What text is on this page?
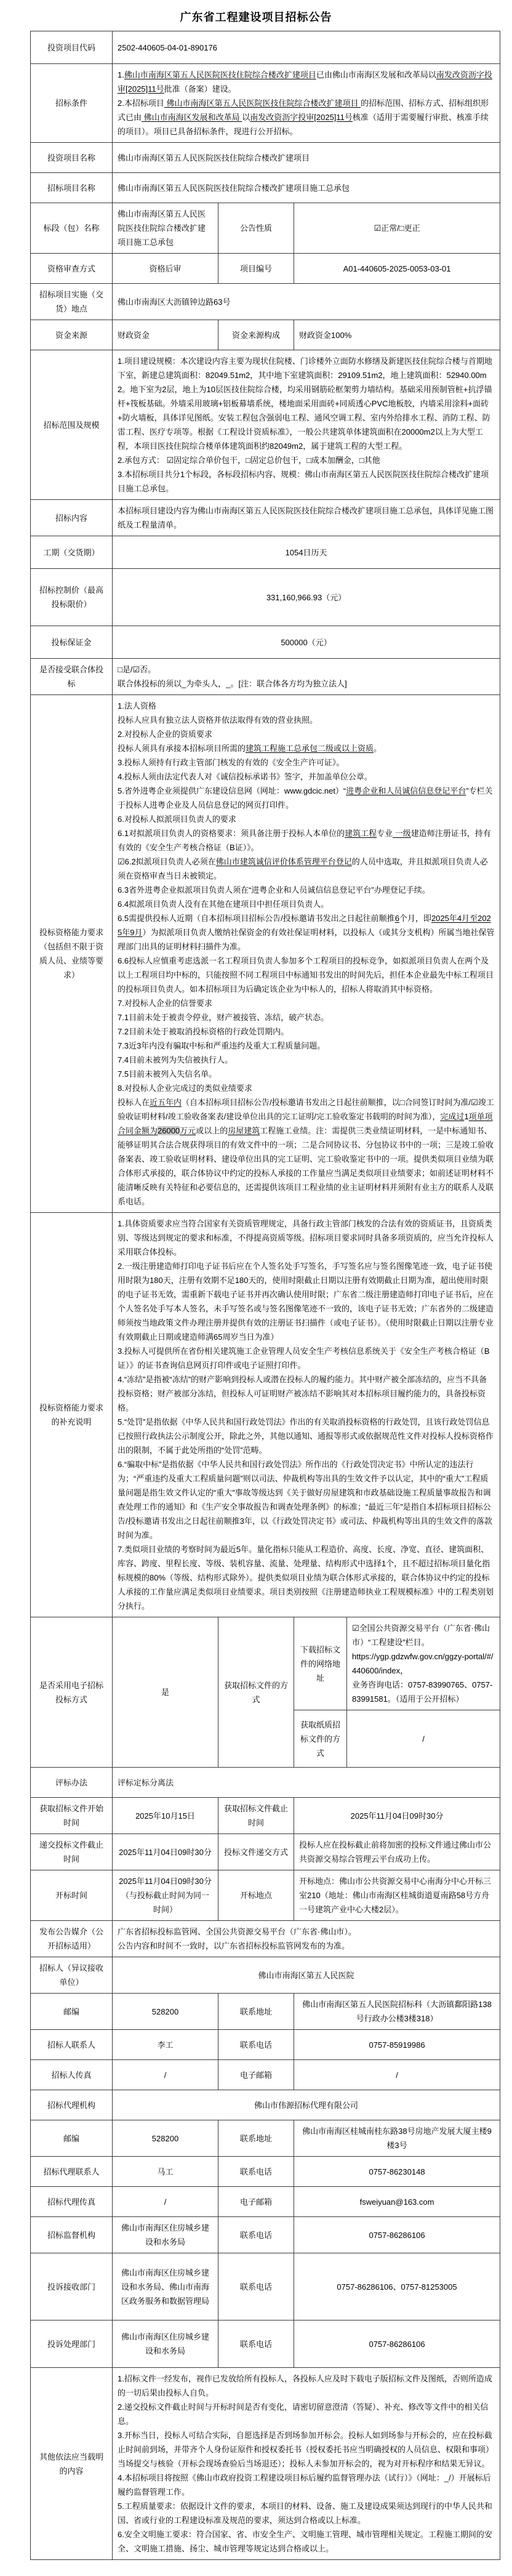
广东省工程建设项目招标公告
投资项目代码	2502-440605-04-01-890176			
招标条件	1.佛山市南海区第五人民医院医技住院综合楼改扩建项目已由佛山市南海区发展和改革局以南发改资沥字投审[2025]11号批准（备案）建设。
2.本招标项目 佛山市南海区第五人民医院医技住院综合楼改扩建项目 的招标范围、招标方式、招标组织形式已由 佛山市南海区发展和改革局 以南发改资沥字投审[2025]11号核准（适用于需要履行审批、核准手续的项目）。项目已具备招标条件，现进行公开招标。			
投资项目名称	佛山市南海区第五人民医院医技住院综合楼改扩建项目			
招标项目名称	佛山市南海区第五人民医院医技住院综合楼改扩建项目施工总承包			
标段（包）名称	佛山市南海区第五人民医院医技住院综合楼改扩建项目施工总承包	公告性质	☑正常/□更正	
资格审查方式	资格后审	项目编号	A01-440605-2025-0053-03-01	
招标项目实施（交货）地点	佛山市南海区大沥镇钟边路63号			
资金来源	财政资金	资金来源构成	财政资金100%	
招标范围及规模	1.项目建设规模：本次建设内容主要为现状住院楼、门诊楼外立面防水修缮及新建医技住院综合楼与首期地下室，新建总建筑面积：82049.51m2，其中地下室建筑面积：29109.51m2，地上建筑面积：52940.00m2。地下室为2层，地上为10层医技住院综合楼，均采用钢筋砼框架剪力墙结构。基础采用预制管桩+抗浮锚杆+筏板基础。外墙采用玻璃+铝板幕墙系统，楼地面采用面砖+同质透心PVC地板胶，内墙采用涂料+面砖+防火墙板，具体详见图纸。安装工程包含强弱电工程、通风空调工程、室内外给排水工程、消防工程、防雷工程、医疗专项等。根据《工程设计资质标准》，一般公共建筑单体建筑面积在20000m2以上为大型工程，本项目医技住院综合楼单体建筑面积约82049m2，属于建筑工程的大型工程。
2.承包方式： ☑固定综合单价包干，□固定总价包干，□成本加酬金，□其他
3.本招标项目共分1个标段，各标段招标内容、规模：佛山市南海区第五人民医院医技住院综合楼改扩建项目施工总承包。			
招标内容	本招标项目建设内容为佛山市南海区第五人民医院医技住院综合楼改扩建项目施工总承包，具体详见施工图纸及工程量清单。			
工期（交货期）	1054日历天			
招标控制价（最高投标限价）	331,160,966.93（元）			
投标保证金	500000（元）			
是否接受联合体投标	□是/☑否。
联合体投标的须以_为牵头人，_。[注：联合体各方均为独立法人]			
投标资格能力要求（包括但不限于资质人员、业绩等要求）	1.法人资格
投标人应具有独立法人资格并依法取得有效的营业执照。
2.对投标人企业的资质要求
投标人须具有承接本招标项目所需的建筑工程施工总承包二级或以上资质。
3.投标人须持有行政主管部门核发的有效的《安全生产许可证》。
4.投标人须由法定代表人对《诚信投标承诺书》签字，并加盖单位公章。
5.省外进粤企业须提供广东建设信息网（网址：www.gdcic.net）“进粤企业和人员诚信信息登记平台”专栏关于投标人进粤企业及人员信息登记的网页打印件。
6.对投标人拟派项目负责人的要求
6.1对拟派项目负责人的资格要求：须具备注册于投标人本单位的建筑工程专业 一级建造师注册证书，持有有效的《安全生产考核合格证（B证）》。
☑6.2拟派项目负责人必须在佛山市建筑诚信评价体系管理平台登记的人员中选取，并且拟派项目负责人必须在资格审查当日未被锁定。
6.3省外进粤企业拟派项目负责人须在“进粤企业和人员诚信信息登记平台”办理登记手续。
6.4拟派项目负责人没有在其他在建项目中担任项目负责人。
6.5需提供投标人近期（自本招标项目招标公告/投标邀请书发出之日起往前顺推6个月，即2025年4月至2025年9月）为拟派项目负责人缴纳社保资金的有效社保证明材料，以投标人（或其分支机构）所属当地社保管理部门出具的证明材料扫描件为准。
6.6投标人应慎重考虑选派一名工程项目负责人参加多个工程项目的投标竞争，如拟派项目负责人在两个及以上工程项目均中标的，只能按照不同工程项目中标通知书发出的时间先后，担任本企业最先中标工程项目的投标项目负责人。如本招标项目为后确定该企业为中标人的，招标人将取消其中标资格。
7.对投标人企业的信誉要求
7.1目前未处于被责令停业，财产被接管、冻结，破产状态。
7.2目前未处于被取消投标资格的行政处罚期内。
7.3近3年内没有骗取中标和严重违约及重大工程质量问题。
7.4目前未被列为失信被执行人。
7.5目前未被列入失信名单。
8.对投标人企业完成过的类似业绩要求
投标人在近五年内（自本招标项目招标公告/投标邀请书发出之日起往前顺推，以□合同签订时间为准/☑竣工验收证明材料/竣工验收备案表/建设单位出具的完工证明/完工验收鉴定书载明的时间为准），完成过1项单项合同金额为26000万元或以上的房屋建筑工程施工业绩。注：需提供三类业绩证明材料，一是中标通知书、能够证明其合法合规获得项目的有效文件中的一项；二是合同协议书、分包协议书中的一项；三是竣工验收备案表、竣工验收证明材料、建设单位出具的完工证明、完工验收鉴定书中的一项。提供类似项目业绩为联合体形式承接的，联合体协议中约定的投标人承接的工作量应当满足类似项目业绩要求；如前述证明材料不能清晰反映有关特征和必要信息的，还需提供该项目工程业绩的业主证明材料并须附有业主方的联系人及联系电话。
投标资格能力要求的补充说明	1.具体资质要求应当符合国家有关资质管理规定，具备行政主管部门核发的合法有效的资质证书，且资质类别、等级达到规定的要求和标准，不得提高资质等级。招标项目要求同时具备多项资质的，应当允许投标人采用联合体投标。
2.一级注册建造师打印电子证书后应在个人签名处手写签名，手写签名应与签名图像笔迹一致，电子证书使用时限为180天，注册有效期不足180天的，使用时限截止日期以注册有效期截止日期为准，超出使用时限的电子证书无效，需重新下载电子证书并再次确认使用时限；广东省二级注册建造师打印电子证书后，应在个人签名处手写本人签名，未手写签名或与签名图像笔迹不一致的，该电子证书无效；广东省外的二级建造师须按当地政策文件办理注册并提供有效的注册证书扫描件（或电子证书）。（使用时限截止日期以注册专业有效期截止日期或建造师满65周岁当日为准）
3.投标人可提供所在省份相关建筑施工企业管理人员安全生产考核信息系统关于《安全生产考核合格证（B证）》的证书查询信息网页打印件或电子证照打印件。
4.“冻结”是指被“冻结”的财产影响到投标人或潜在投标人的履约能力。其中财产被全部冻结的，应当不具备投标资格；财产被部分冻结，但投标人可证明财产被冻结不影响其对本招标项目履约能力的，具备投标资格。
5.“处罚”是指依据《中华人民共和国行政处罚法》作出的有关取消投标资格的行政处罚，且该行政处罚信息已按照行政执法公示制度公开，除此之外，其他以通知、通报等形式或依据规范性文件对投标人投标资格作出的限制，不属于此处所指的“处罚”范畴。
6.“骗取中标”是指依据《中华人民共和国行政处罚法》所作出的《行政处罚决定书》中所认定的违法行为；“严重违约及重大工程质量问题”则以司法、仲裁机构等出具的生效文件予以认定，其中的“重大”工程质量问题是指生效文件认定的“重大”事故等级达到《关于做好房屋建筑和市政基础设施工程质量事故报告和调查处理工作的通知》和《生产安全事故报告和调查处理条例》的标准；“最近三年”是指自本招标项目招标公告/投标邀请书发出之日起往前顺推3年，以《行政处罚决定书》或司法、仲裁机构等出具的生效文件的落款时间为准。
7.类似项目业绩的考察时间为最近5年。量化指标只能从工程造价、高度、长度、净宽、直径、建筑面积、库容、跨度、里程长度、等级、装机容量、流量、处理量、结构形式中选择1个，且不超过招标项目量化指标规模的80%（等级、结构形式除外）。提供类似项目业绩为联合体形式承接的，联合体协议中约定的投标人承接的工作量应满足类似项目业绩要求。项目类别按照《注册建造师执业工程规模标准》中的工程类别划分执行。
是否采用电子招标投标方式	是	获取招标文件的方式	下载招标文件的网络地址	☑全国公共资源交易平台（广东省·佛山市）“工程建设”栏目。
https://ygp.gdzwfw.gov.cn/ggzy-portal/#/440600/index，
业务咨询电话：0757-83990765、0757-83991581。（适用于公开招标）
			获取纸质招标文件的方式	/
评标办法	评标定标分离法			
获取招标文件开始时间	2025年10月15日	获取招标文件截止时间	2025年11月04日09时30分	
递交投标文件截止时间	2025年11月04日09时30分	投标文件递交方式	投标人应在投标截止前将加密的投标文件通过佛山市公共资源交易综合管理云平台成功上传。	
开标时间	2025年11月04日09时30分（与投标截止时间为同一时间）	开标地点	开标地点：佛山市公共资源交易中心南海分中心开标三室210（地址：佛山市南海区桂城街道夏南路58号方舟一号建筑产业中心大楼2层）。	
发布公告媒介（公开招标适用）	广东省招标投标监管网、全国公共资源交易平台（广东省·佛山市）。
公告内容和时间不一致时，以广东省招标投标监管网发布的为准。			
招标人（异议接收单位）	佛山市南海区第五人民医院			
邮编	528200	联系地址	佛山市南海区第五人民医院招标科（大沥镇鄱阳路138号行政办公楼3楼318）	
招标人联系人	李工	联系电话	0757-85919986	
招标人传真	/	电子邮箱	/	
招标代理机构	佛山市伟源招标代理有限公司			
邮编	528200	联系地址	佛山市南海区桂城南桂东路38号房地产发展大厦主楼9楼3号	
招标代理联系人	马工	联系电话	0757-86230148	
招标代理传真	/	电子邮箱	fsweiyuan@163.com	
招标监督机构	佛山市南海区住房城乡建设和水务局	联系电话	0757-86286106	
投诉接收部门	佛山市南海区住房城乡建设和水务局、佛山市南海区政务服务和数据管理局	联系电话	0757-86286106、0757-81253005	
投诉处理部门	佛山市南海区住房城乡建设和水务局	联系电话	0757-86286106	
其他依法应当载明的内容	1.招标文件一经发布，视作已发放给所有投标人，各投标人应及时下载电子版招标文件及图纸，否则所造成的一切后果由投标人自负。
2.递交投标文件截止时间与开标时间是否有变化，请密切留意澄清（答疑）、补充、修改等文件中的相关信息。
3.开标当日，投标人可结合实际，自愿选择是否到场参加开标会。投标人如到场参与开标会的，应在投标截止时间前到场，并带齐个人身份证原件和授权委托书（授权委托书应当明确授权的人员信息、权限和事项）当场提交与核验（开标会现场查验后当场退还）；投标人未参加开标会的，视为对开标程序和结果无异议。
4.本招标项目将按照《佛山市政府投资工程建设项目标后履约监督管理办法（试行）》（网址：_/）开展标后履约监督管理工作。
5.工程质量要求：依据设计文件的要求，本项目的材料、设备、施工及建设成果须达到现行的中华人民共和国、省或行业的工程建设标准及规范的要求，须达到合格或以上标准。
6.安全文明施工要求：符合国家、省、市安全生产、文明施工管理、城市管理相关规定。工程施工期间的安全、文明施工措施、扬尘、城市管理等规定达到合格或以上。
